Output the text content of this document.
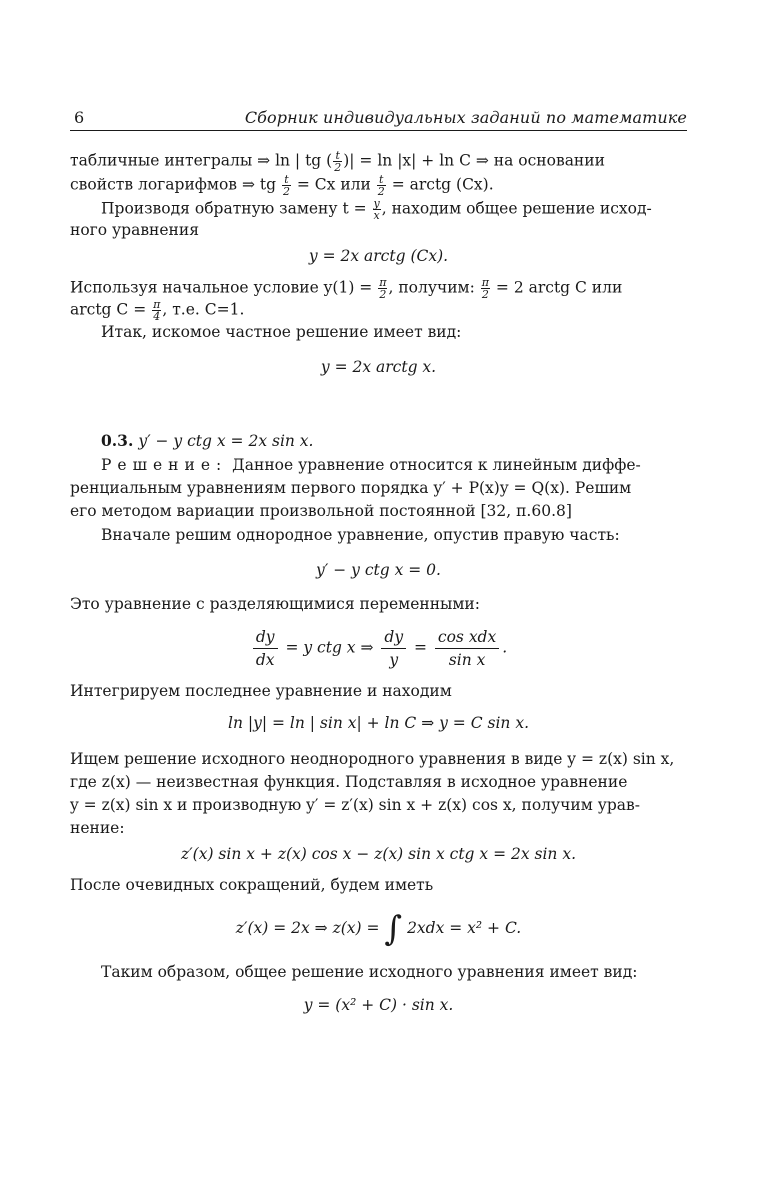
6	Сборник индивидуальных заданий по математике
табличные интегралы ⇒ ln | tg ( $\frac{t}{2}$ )| = ln |x| + ln C ⇒ на основании
свойств логарифмов ⇒ tg $\frac{t}{2} = Cx$ или $\frac{t}{2}$ = arctg (Cx).
Производя обратную замену $t = \frac{y}{x}$ , находим общее решение исход-
ного уравнения
y = 2x arctg (Cx).
Используя начальное условие $y(1) = \frac{\pi}{2}$ , получим: $\frac{\pi}{2} = 2$ arctg C или
arctg $C = \frac{\pi}{4}$ , т.е. C=1.
Итак, искомое частное решение имеет вид:
y = 2x arctg x.
0.3. y′ − y ctg x = 2x sin x.
Решение: Данное уравнение относится к линейным диффе-
ренциальным уравнениям первого порядка y′ + P(x)y = Q(x). Решим
его методом вариации произвольной постоянной [32, п.60.8]
Вначале решим однородное уравнение, опустив правую часть:
y′ − y ctg x = 0.
Это уравнение с разделяющимися переменными:
$\frac{dy}{dx} = y$ ctg x ⇒ $\frac{dy}{y} = \frac{\text{cos xdx}}{\text{sin x}}$ .
Интегрируем последнее уравнение и находим
ln |y| = ln | sin x| + ln C ⇒ y = C sin x.
Ищем решение исходного неоднородного уравнения в виде y = z(x) sin x,
где z(x) — неизвестная функция. Подставляя в исходное уравнение
y = z(x) sin x и производную y′ = z′(x) sin x + z(x) cos x, получим урав-
нение:
z′(x) sin x + z(x) cos x − z(x) sin x ctg x = 2x sin x.
После очевидных сокращений, будем иметь
z′(x) = 2x ⇒ z(x) = ∫ 2xdx = x² + C.
Таким образом, общее решение исходного уравнения имеет вид:
y = (x² + C) · sin x.
